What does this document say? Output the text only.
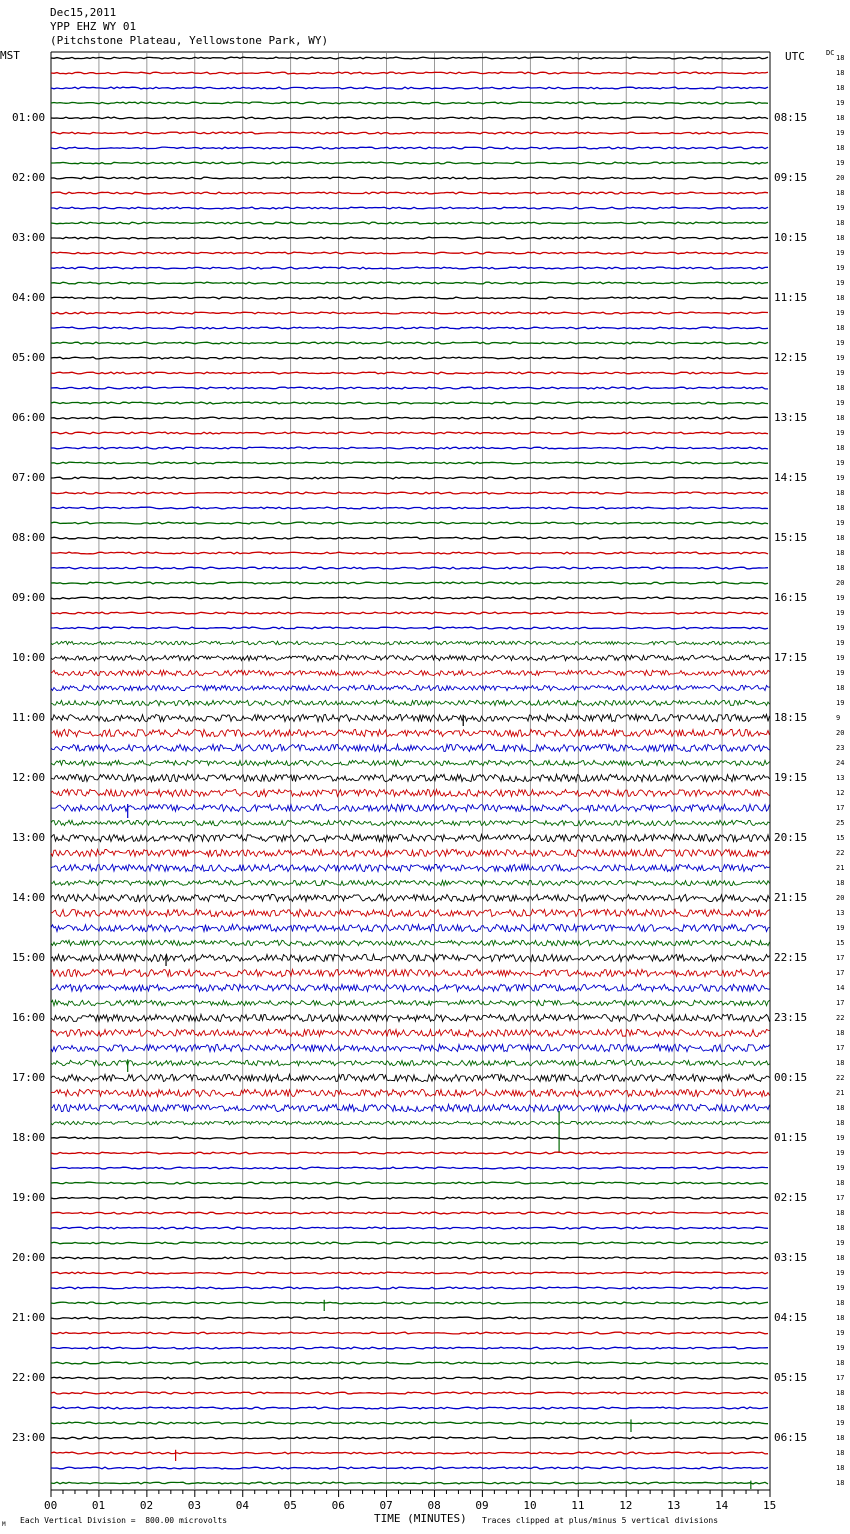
Dec15,2011
YPP EHZ WY 01
(Pitchstone Plateau, Yellowstone Park, WY)
MST	UTC	DC
M Each Vertical Division =  800.00 microvolts	TIME (MINUTES) Traces clipped at plus/minus 5 vertical divisions
00	01	02	03	04	05	06	07	08	09	10	11	12	13	14	15
18
18
18
19
18
19
18
19
20
18
19
18
18
19
19
19
18
19
18
19
19
19
18
19
18
19
18
19
19
18
18
19
18
18
18
20
19
19
19
19
19
19
18
19
9
20
23
24
13
12
17
25
15
22
21
18
20
13
19
15
17
17
14
17
22
18
17
18
22
21
18
18
19
19
19
18
17
18
18
19
18
19
19
18
18
19
19
18
17
18
18
19
18
18
18
18
01:00
02:00
03:00
04:00
05:00
06:00
07:00
08:00
09:00
10:00
11:00
12:00
13:00
14:00
15:00
16:00
17:00
18:00
19:00
20:00
21:00
22:00
23:00
08:15
09:15
10:15
11:15
12:15
13:15
14:15
15:15
16:15
17:15
18:15
19:15
20:15
21:15
22:15
23:15
00:15
01:15
02:15
03:15
04:15
05:15
06:15
